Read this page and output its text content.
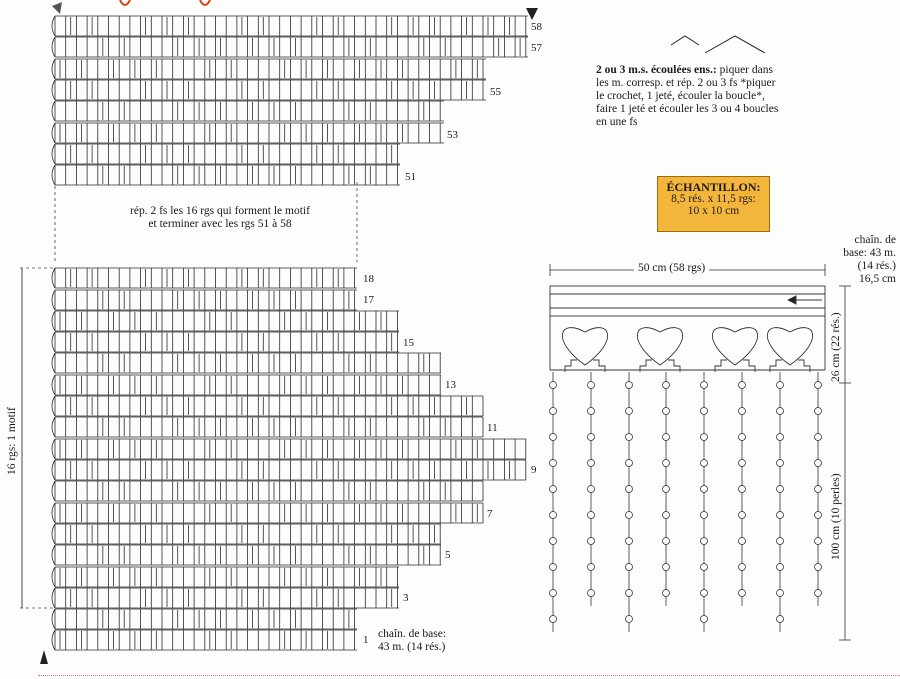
rép. 2 fs les 16 rgs qui forment le motif
et terminer avec les rgs 51 à 58
58
57
55
53
51
18
17
15
13
11
9
7
5
3
1
16 rgs: 1 motif
chaîn. de base:
43 m. (14 rés.)
2 ou 3 m.s. écoulées ens.: piquer dans
les m. corresp. et rép. 2 ou 3 fs *piquer
le crochet, 1 jeté, écouler la boucle*,
faire 1 jeté et écouler les 3 ou 4 boucles
en une fs
ÉCHANTILLON:
8,5 rés. x 11,5 rgs:
10 x 10 cm
50 cm (58 rgs)
chaîn. de
base: 43 m.
(14 rés.)
16,5 cm
26 cm (22 rés.)
100 cm (10 perles)
